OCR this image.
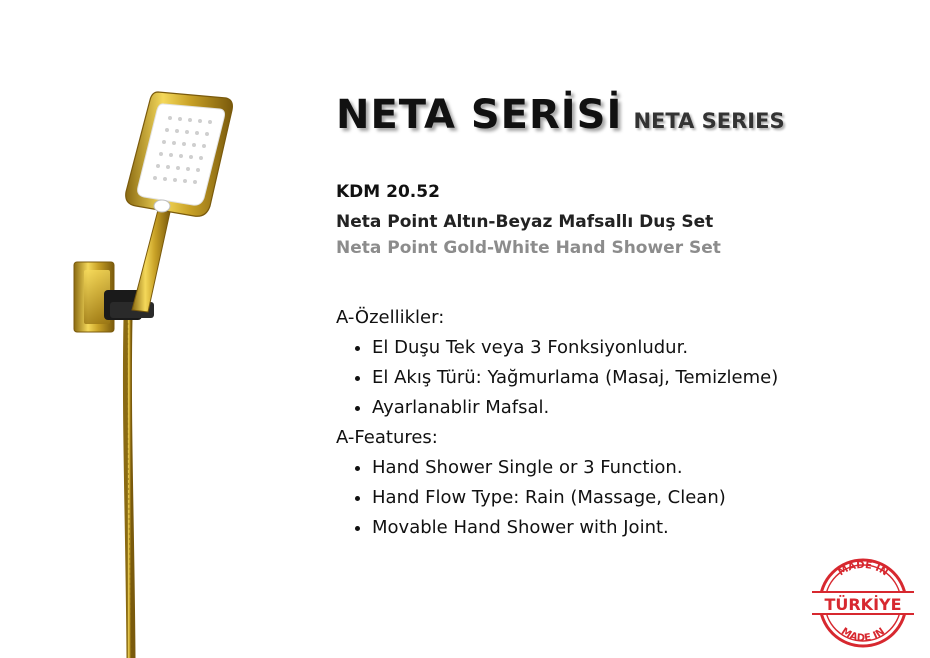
NETA SERİSİ NETA SERIES
KDM 20.52
Neta Point Altın-Beyaz Mafsallı Duş Set
Neta Point Gold-White Hand Shower Set
A-Özellikler:
• El Duşu Tek veya 3 Fonksiyonludur.
• El Akış Türü: Yağmurlama (Masaj, Temizleme)
• Ayarlanablir Mafsal.
A-Features:
• Hand Shower Single or 3 Function.
• Hand Flow Type: Rain (Massage, Clean)
• Movable Hand Shower with Joint.
MADE IN
TÜRKİYE
MADE IN
